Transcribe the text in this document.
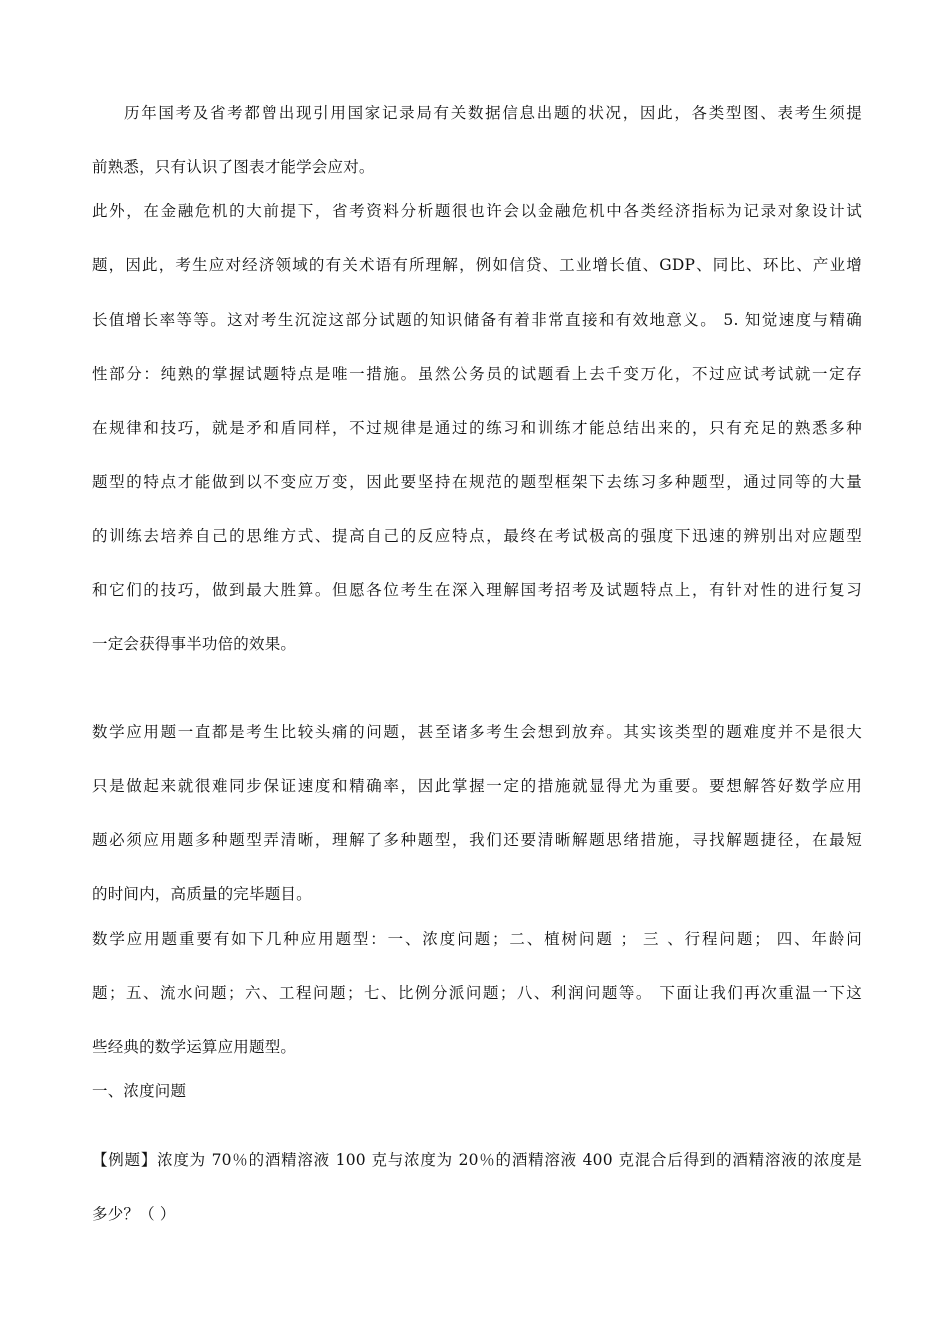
历年国考及省考都曾出现引用国家记录局有关数据信息出题的状况，因此，各类型图、表考生须提
前熟悉，只有认识了图表才能学会应对。
此外，在金融危机的大前提下，省考资料分析题很也许会以金融危机中各类经济指标为记录对象设计试
题，因此，考生应对经济领域的有关术语有所理解，例如信贷、工业增长值、GDP、同比、环比、产业增
长值增长率等等。这对考生沉淀这部分试题的知识储备有着非常直接和有效地意义。 5. 知觉速度与精确
性部分：纯熟的掌握试题特点是唯一措施。虽然公务员的试题看上去千变万化，不过应试考试就一定存
在规律和技巧，就是矛和盾同样，不过规律是通过的练习和训练才能总结出来的，只有充足的熟悉多种
题型的特点才能做到以不变应万变，因此要坚持在规范的题型框架下去练习多种题型，通过同等的大量
的训练去培养自己的思维方式、提高自己的反应特点，最终在考试极高的强度下迅速的辨别出对应题型
和它们的技巧，做到最大胜算。但愿各位考生在深入理解国考招考及试题特点上，有针对性的进行复习
一定会获得事半功倍的效果。
数学应用题一直都是考生比较头痛的问题，甚至诸多考生会想到放弃。其实该类型的题难度并不是很大
只是做起来就很难同步保证速度和精确率，因此掌握一定的措施就显得尤为重要。要想解答好数学应用
题必须应用题多种题型弄清晰，理解了多种题型，我们还要清晰解题思绪措施，寻找解题捷径，在最短
的时间内，高质量的完毕题目。
数学应用题重要有如下几种应用题型：一、浓度问题；二、植树问题 ； 三 、行程问题； 四、年龄问
题；五、流水问题；六、工程问题；七、比例分派问题；八、利润问题等。 下面让我们再次重温一下这
些经典的数学运算应用题型。
一、浓度问题
【例题】浓度为 70％的酒精溶液 100 克与浓度为 20％的酒精溶液 400 克混合后得到的酒精溶液的浓度是
多少？（ ）
